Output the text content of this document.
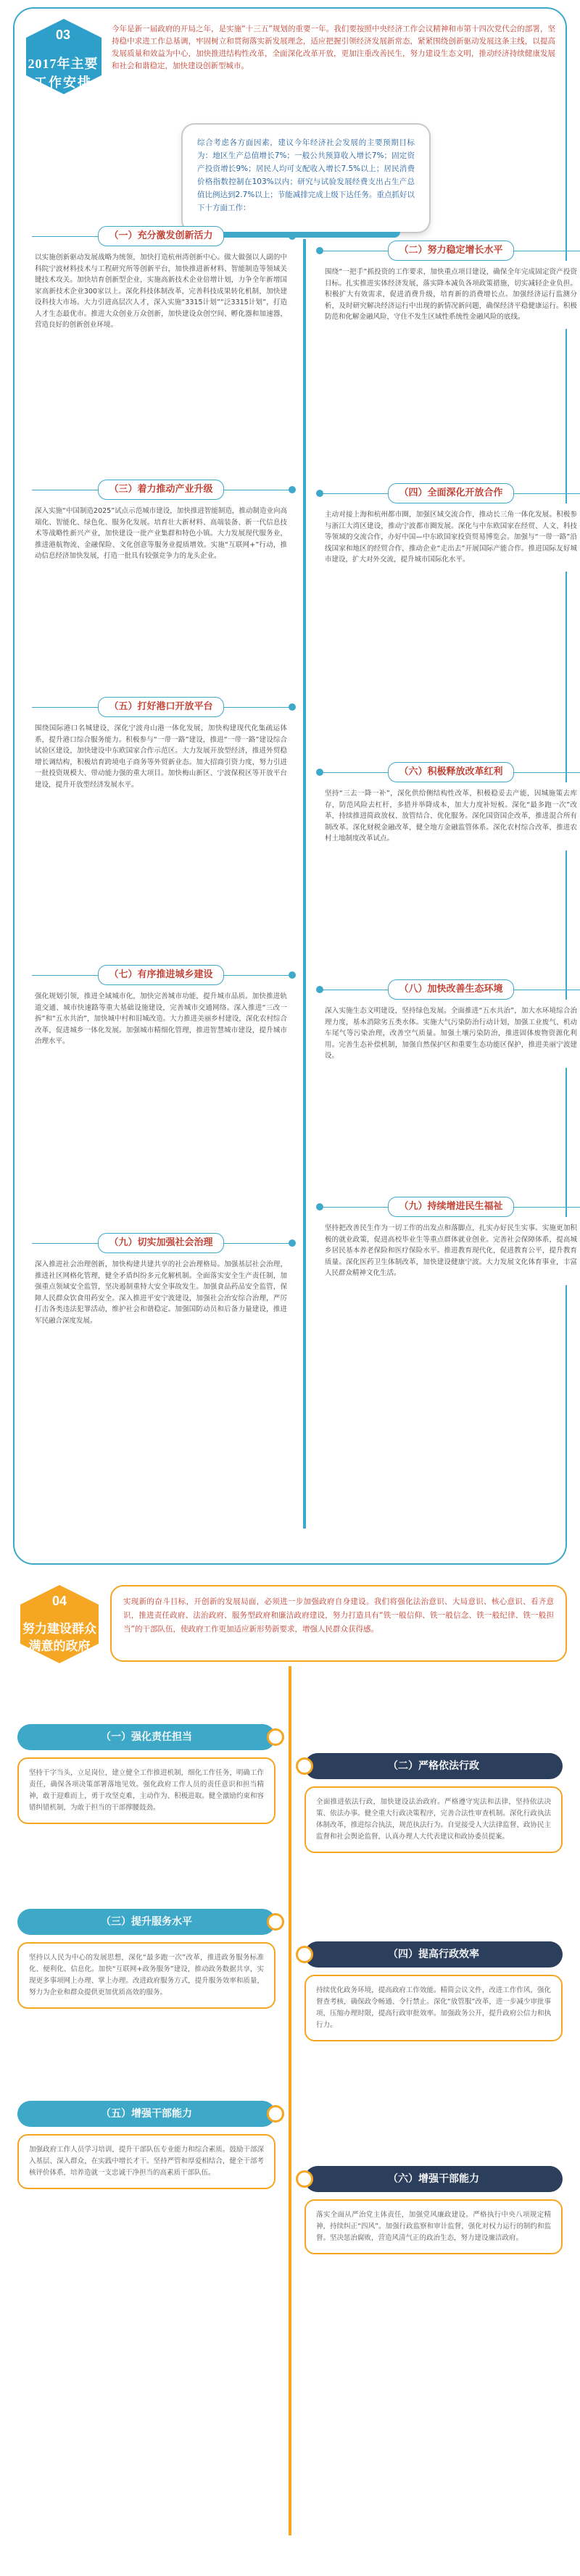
03
2017年主要
工作安排
今年是新一届政府的开局之年，是实施“十三五”规划的重要一年。我们要按照中央经济工作会议精神和市第十四次党代会的部署，坚持稳中求进工作总基调，牢固树立和贯彻落实新发展理念，适应把握引领经济发展新常态，紧紧围绕创新驱动发展这条主线，以提高发展质量和效益为中心，加快推进结构性改革，全面深化改革开放，更加注重改善民生，努力建设生态文明，推动经济持续健康发展和社会和谐稳定，加快建设创新型城市。
综合考虑各方面因素，建议今年经济社会发展的主要预期目标为：地区生产总值增长7%；一般公共预算收入增长7%；固定资产投资增长9%；居民人均可支配收入增长7.5%以上；居民消费价格指数控制在103%以内；研究与试验发展经费支出占生产总值比例达到2.7%以上；节能减排完成上级下达任务。重点抓好以下十方面工作：
（一）充分激发创新活力
以实施创新驱动发展战略为统领，加快打造杭州湾创新中心。做大做强以人副的中科院宁波材料技术与工程研究所等创新平台，加快推进新材料、智能制造等领域关键技术攻关。加快培育创新型企业，实施高新技术企业倍增计划，力争全年新增国家高新技术企业300家以上。深化科技体制改革，完善科技成果转化机制，加快建设科技大市场。大力引进高层次人才，深入实施“3315计划”“泛3315计划”，打造人才生态最优市。推进大众创业万众创新，加快建设众创空间、孵化器和加速器，营造良好的创新创业环境。
（三）着力推动产业升级
深入实施“中国制造2025”试点示范城市建设，加快推进智能制造，推动制造业向高端化、智能化、绿色化、服务化发展。培育壮大新材料、高端装备、新一代信息技术等战略性新兴产业，加快建设一批产业集群和特色小镇。大力发展现代服务业，推进港航物流、金融保险、文化创意等服务业提质增效。实施“互联网+”行动，推动信息经济加快发展，打造一批具有较强竞争力的龙头企业。
（五）打好港口开放平台
围绕国际港口名城建设，深化宁波舟山港一体化发展，加快构建现代化集疏运体系，提升港口综合服务能力。积极参与“一带一路”建设，推进“一带一路”建设综合试验区建设，加快建设中东欧国家合作示范区。大力发展开放型经济，推进外贸稳增长调结构，积极培育跨境电子商务等外贸新业态。加大招商引资力度，努力引进一批投资规模大、带动能力强的重大项目。加快梅山新区、宁波保税区等开放平台建设，提升开放型经济发展水平。
（七）有序推进城乡建设
强化规划引领，推进全域城市化，加快完善城市功能，提升城市品质。加快推进轨道交通、城市快速路等重大基础设施建设，完善城市交通网络。深入推进“三改一拆”和“五水共治”，加快城中村和旧城改造。大力推进美丽乡村建设，深化农村综合改革，促进城乡一体化发展。加强城市精细化管理，推进智慧城市建设，提升城市治理水平。
（九）切实加强社会治理
深入推进社会治理创新，加快构建共建共享的社会治理格局。加强基层社会治理，推进社区网格化管理，健全矛盾纠纷多元化解机制。全面落实安全生产责任制，加强重点领域安全监管，坚决遏制重特大安全事故发生。加强食品药品安全监管，保障人民群众饮食用药安全。深入推进平安宁波建设，加强社会治安综合治理，严厉打击各类违法犯罪活动，维护社会和谐稳定。加强国防动员和后备力量建设，推进军民融合深度发展。
（二）努力稳定增长水平
围绕“一把手”抓投资的工作要求，加快重点项目建设，确保全年完成固定资产投资目标。扎实推进实体经济发展，落实降本减负各项政策措施，切实减轻企业负担。积极扩大有效需求，促进消费升级，培育新的消费增长点。加强经济运行监测分析，及时研究解决经济运行中出现的新情况新问题，确保经济平稳健康运行。积极防范和化解金融风险，守住不发生区域性系统性金融风险的底线。
（四）全面深化开放合作
主动对接上海和杭州都市圈，加强区域交流合作，推动长三角一体化发展。积极参与浙江大湾区建设，推动宁波都市圈发展。深化与中东欧国家在经贸、人文、科技等领域的交流合作，办好中国—中东欧国家投资贸易博览会。加强与“一带一路”沿线国家和地区的经贸合作，推动企业“走出去”开展国际产能合作。推进国际友好城市建设，扩大对外交流，提升城市国际化水平。
（六）积极释放改革红利
坚持“三去一降一补”，深化供给侧结构性改革，积极稳妥去产能，因城施策去库存，防范风险去杠杆，多措并举降成本，加大力度补短板。深化“最多跑一次”改革，持续推进简政放权、放管结合、优化服务。深化国资国企改革，推进混合所有制改革。深化财税金融改革，健全地方金融监管体系。深化农村综合改革，推进农村土地制度改革试点。
（八）加快改善生态环境
深入实施生态文明建设，坚持绿色发展。全面推进“五水共治”，加大水环境综合治理力度，基本消除劣五类水体。实施大气污染防治行动计划，加强工业废气、机动车尾气等污染治理，改善空气质量。加强土壤污染防治，推进固体废物资源化利用。完善生态补偿机制，加强自然保护区和重要生态功能区保护，推进美丽宁波建设。
（九）持续增进民生福祉
坚持把改善民生作为一切工作的出发点和落脚点，扎实办好民生实事。实施更加积极的就业政策，促进高校毕业生等重点群体就业创业。完善社会保障体系，提高城乡居民基本养老保险和医疗保险水平。推进教育现代化，促进教育公平，提升教育质量。深化医药卫生体制改革，加快建设健康宁波。大力发展文化体育事业，丰富人民群众精神文化生活。
04
努力建设群众
满意的政府
实现新的奋斗目标，开创新的发展局面，必须进一步加强政府自身建设。我们将强化法治意识、大局意识、核心意识、看齐意识，推进责任政府、法治政府、服务型政府和廉洁政府建设，努力打造具有“铁一般信仰、铁一般信念、铁一般纪律、铁一般担当”的干部队伍，使政府工作更加适应新形势新要求，增强人民群众获得感。
（一）强化责任担当
坚持干字当头，立足岗位，建立健全工作推进机制，细化工作任务，明确工作责任，确保各项决策部署落地见效。强化政府工作人员的责任意识和担当精神，敢于迎难而上，勇于攻坚克难，主动作为、积极进取。健全激励约束和容错纠错机制，为敢于担当的干部撑腰鼓劲。
（三）提升服务水平
坚持以人民为中心的发展思想，深化“最多跑一次”改革，推进政务服务标准化、便利化、信息化。加快“互联网+政务服务”建设，推动政务数据共享，实现更多事项网上办理、掌上办理。改进政府服务方式，提升服务效率和质量，努力为企业和群众提供更加优质高效的服务。
（五）增强干部能力
加强政府工作人员学习培训，提升干部队伍专业能力和综合素质。鼓励干部深入基层、深入群众，在实践中增长才干。坚持严管和厚爱相结合，健全干部考核评价体系，培养造就一支忠诚干净担当的高素质干部队伍。
（二）严格依法行政
全面推进依法行政，加快建设法治政府。严格遵守宪法和法律，坚持依法决策、依法办事。健全重大行政决策程序，完善合法性审查机制。深化行政执法体制改革，推进综合执法，规范执法行为。自觉接受人大法律监督、政协民主监督和社会舆论监督，认真办理人大代表建议和政协委员提案。
（四）提高行政效率
持续优化政务环境，提高政府工作效能。精简会议文件，改进工作作风，强化督查考核，确保政令畅通、令行禁止。深化“放管服”改革，进一步减少审批事项，压缩办理时限，提高行政审批效率。加强政务公开，提升政府公信力和执行力。
（六）增强干部能力
落实全面从严治党主体责任，加强党风廉政建设。严格执行中央八项规定精神，持续纠正“四风”。加强行政监察和审计监督，强化对权力运行的制约和监督。坚决惩治腐败，营造风清气正的政治生态，努力建设廉洁政府。
